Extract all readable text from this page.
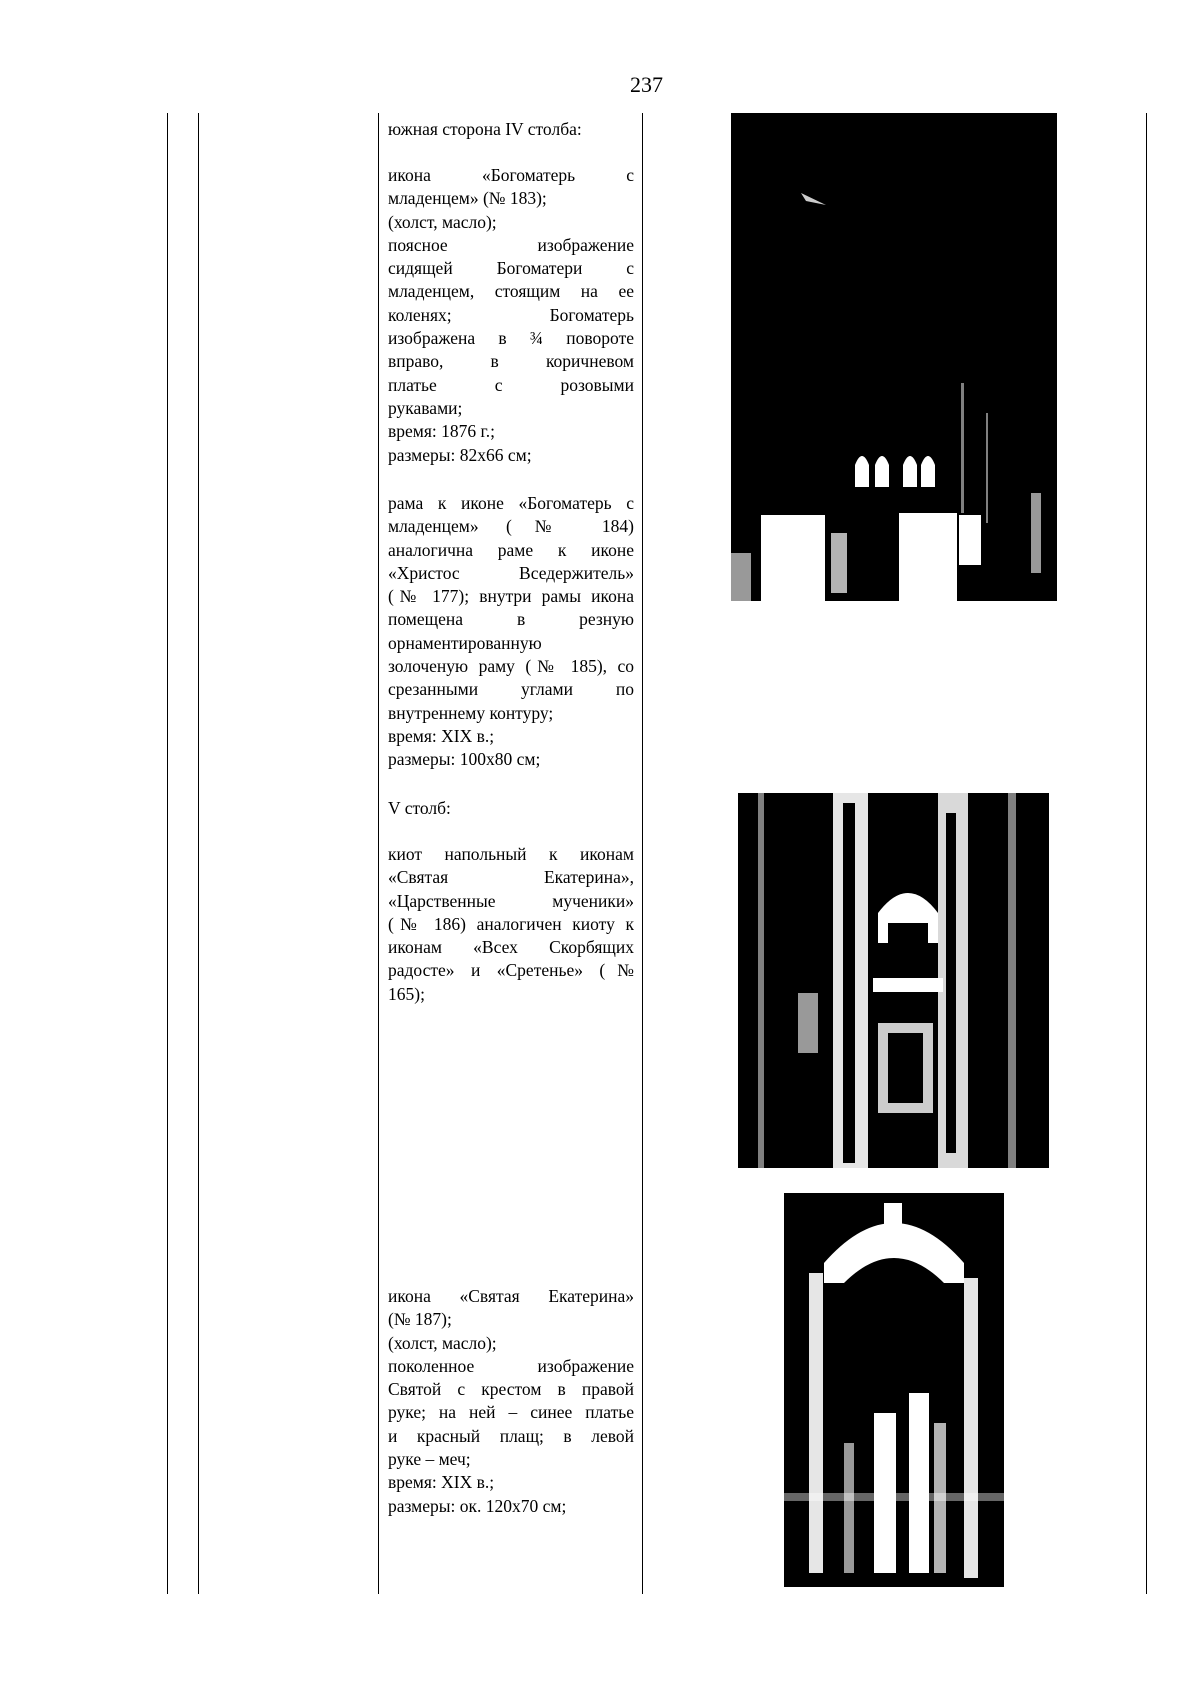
237
южная сторона IV столба:
икона «Богоматерь с
младенцем» (№ 183);
(холст, масло);
поясное изображение
сидящей Богоматери с
младенцем, стоящим на ее
коленях; Богоматерь
изображена в ¾ повороте
вправо, в коричневом
платье с розовыми
рукавами;
время: 1876 г.;
размеры: 82х66 см;
рама к иконе «Богоматерь с
младенцем» (№ 184)
аналогична раме к иконе
«Христос Вседержитель»
(№ 177); внутри рамы икона
помещена в резную
орнаментированную
золоченую раму (№ 185), со
срезанными углами по
внутреннему контуру;
время: XIX в.;
размеры: 100х80 см;
V столб:
киот напольный к иконам
«Святая Екатерина»,
«Царственные мученики»
(№ 186) аналогичен киоту к
иконам «Всех Скорбящих
радосте» и «Сретенье» (№
165);
икона «Святая Екатерина»
(№ 187);
(холст, масло);
поколенное изображение
Святой с крестом в правой
руке; на ней – синее платье
и красный плащ; в левой
руке – меч;
время: XIX в.;
размеры: ок. 120х70 см;
